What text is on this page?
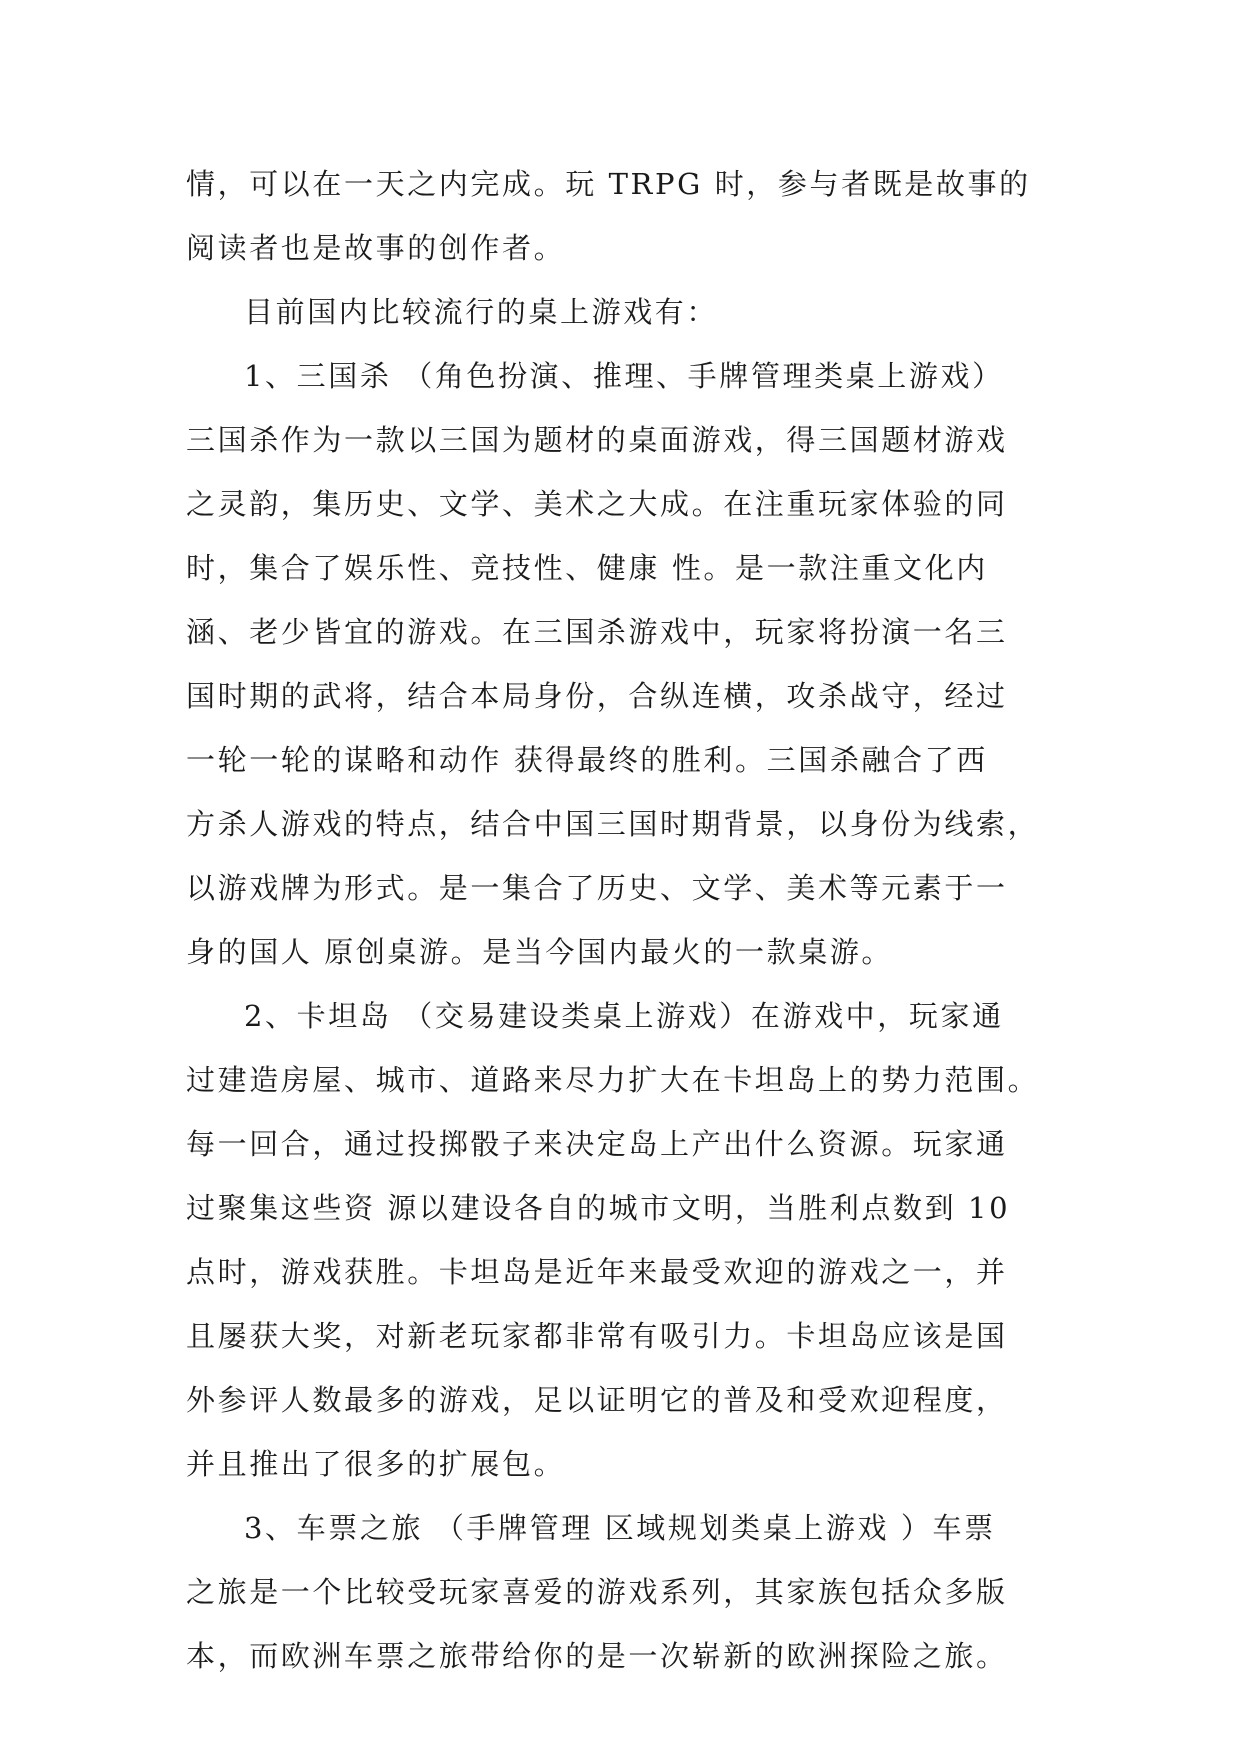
情，可以在一天之内完成。玩 TRPG 时，参与者既是故事的
阅读者也是故事的创作者。
目前国内比较流行的桌上游戏有：
1、三国杀 （角色扮演、推理、手牌管理类桌上游戏）
三国杀作为一款以三国为题材的桌面游戏，得三国题材游戏
之灵韵，集历史、文学、美术之大成。在注重玩家体验的同
时，集合了娱乐性、竞技性、健康 性。是一款注重文化内
涵、老少皆宜的游戏。在三国杀游戏中，玩家将扮演一名三
国时期的武将，结合本局身份，合纵连横，攻杀战守，经过
一轮一轮的谋略和动作 获得最终的胜利。三国杀融合了西
方杀人游戏的特点，结合中国三国时期背景，以身份为线索，
以游戏牌为形式。是一集合了历史、文学、美术等元素于一
身的国人 原创桌游。是当今国内最火的一款桌游。
2、卡坦岛 （交易建设类桌上游戏）在游戏中，玩家通
过建造房屋、城市、道路来尽力扩大在卡坦岛上的势力范围。
每一回合，通过投掷骰子来决定岛上产出什么资源。玩家通
过聚集这些资 源以建设各自的城市文明，当胜利点数到 10
点时，游戏获胜。卡坦岛是近年来最受欢迎的游戏之一，并
且屡获大奖，对新老玩家都非常有吸引力。卡坦岛应该是国
外参评人数最多的游戏，足以证明它的普及和受欢迎程度，
并且推出了很多的扩展包。
3、车票之旅 （手牌管理 区域规划类桌上游戏 ）车票
之旅是一个比较受玩家喜爱的游戏系列，其家族包括众多版
本，而欧洲车票之旅带给你的是一次崭新的欧洲探险之旅。
